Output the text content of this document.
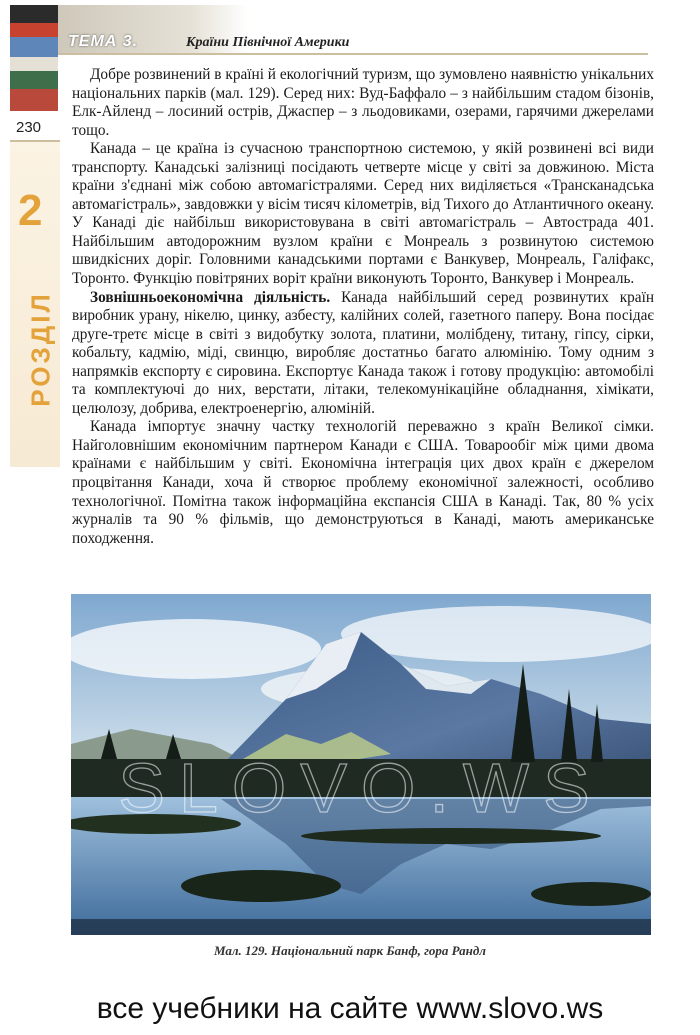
ТЕМА 3.	Країни Північної Америки
230
2
РОЗДІЛ

Добре розвинений в країні й екологічний туризм, що зумовлено наявністю унікальних національних парків (мал. 129). Серед них: Вуд-Баффало – з найбільшим стадом бізонів, Елк-Айленд – лосиний острів, Джаспер – з льодовиками, озерами, гарячими джерелами тощо.

Канада – це країна із сучасною транспортною системою, у якій розвинені всі види транспорту. Канадські залізниці посідають четверте місце у світі за довжиною. Міста країни з'єднані між собою автомагістралями. Серед них виділяється «Трансканадська автомагістраль», завдовжки у вісім тисяч кілометрів, від Тихого до Атлантичного океану. У Канаді діє найбільш використовувана в світі автомагістраль – Автострада 401. Найбільшим автодорожним вузлом країни є Монреаль з розвинутою системою швидкісних доріг. Головними канадськими портами є Ванкувер, Монреаль, Галіфакс, Торонто. Функцію повітряних воріт країни виконують Торонто, Ванкувер і Монреаль.

Зовнішньоекономічна діяльність. Канада найбільший серед розвинутих країн виробник урану, нікелю, цинку, азбесту, калійних солей, газетного паперу. Вона посідає друге-третє місце в світі з видобутку золота, платини, молібдену, титану, гіпсу, сірки, кобальту, кадмію, міді, свинцю, виробляє достатньо багато алюмінію. Тому одним з напрямків експорту є сировина. Експортує Канада також і готову продукцію: автомобілі та комплектуючі до них, верстати, літаки, телекомунікаційне обладнання, хімікати, целюлозу, добрива, електроенергію, алюміній.

Канада імпортує значну частку технологій переважно з країн Великої сімки. Найголовнішим економічним партнером Канади є США. Товарообіг між цими двома країнами є найбільшим у світі. Економічна інтеграція цих двох країн є джерелом процвітання Канади, хоча й створює проблему економічної залежності, особливо технологічної. Помітна також інформаційна експансія США в Канаді. Так, 80 % усіх журналів та 90 % фільмів, що демонструються в Канаді, мають американське походження.

SLOVO.WS
Мал. 129. Національний парк Банф, гора Рандл
все учебники на сайте www.slovo.ws
